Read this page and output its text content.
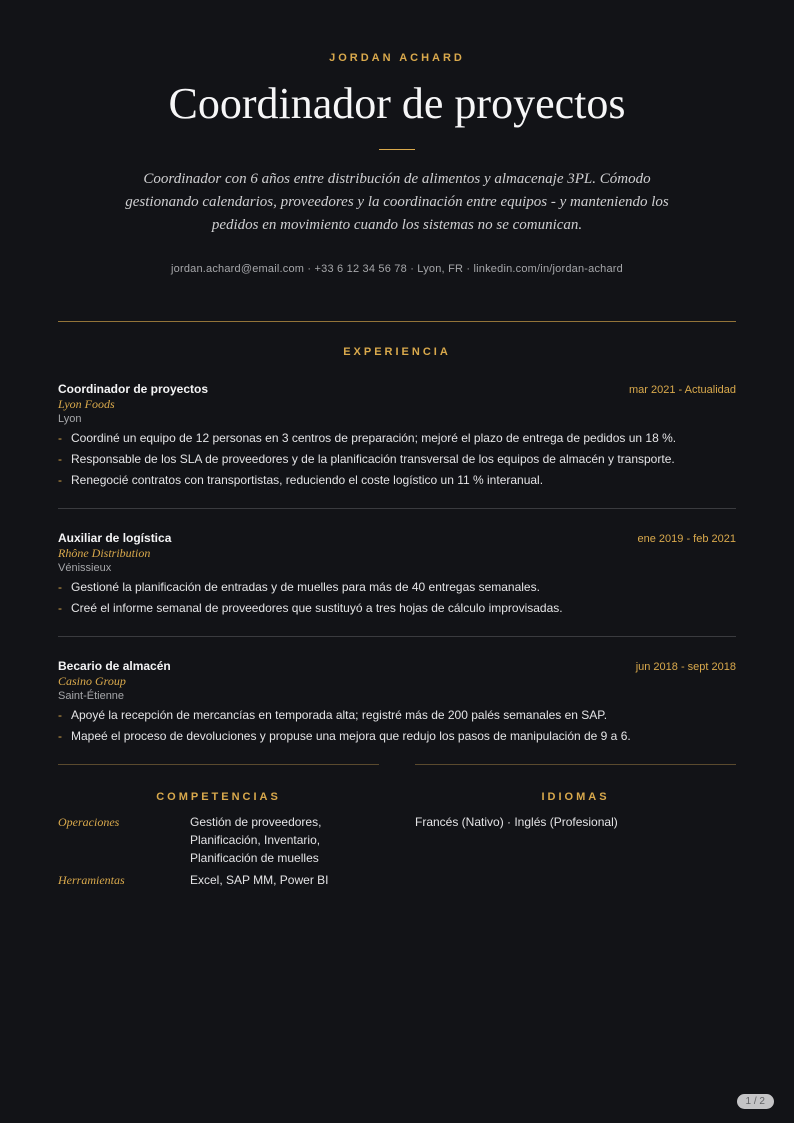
JORDAN ACHARD
Coordinador de proyectos
Coordinador con 6 años entre distribución de alimentos y almacenaje 3PL. Cómodo gestionando calendarios, proveedores y la coordinación entre equipos - y manteniendo los pedidos en movimiento cuando los sistemas no se comunican.
jordan.achard@email.com · +33 6 12 34 56 78 · Lyon, FR · linkedin.com/in/jordan-achard
EXPERIENCIA
Coordinador de proyectos	mar 2021 - Actualidad
Lyon Foods
Lyon
- Coordiné un equipo de 12 personas en 3 centros de preparación; mejoré el plazo de entrega de pedidos un 18 %.
- Responsable de los SLA de proveedores y de la planificación transversal de los equipos de almacén y transporte.
- Renegocié contratos con transportistas, reduciendo el coste logístico un 11 % interanual.
Auxiliar de logística	ene 2019 - feb 2021
Rhône Distribution
Vénissieux
- Gestioné la planificación de entradas y de muelles para más de 40 entregas semanales.
- Creé el informe semanal de proveedores que sustituyó a tres hojas de cálculo improvisadas.
Becario de almacén	jun 2018 - sept 2018
Casino Group
Saint-Étienne
- Apoyé la recepción de mercancías en temporada alta; registré más de 200 palés semanales en SAP.
- Mapeé el proceso de devoluciones y propuse una mejora que redujo los pasos de manipulación de 9 a 6.
COMPETENCIAS
Operaciones	Gestión de proveedores, Planificación, Inventario, Planificación de muelles
Herramientas	Excel, SAP MM, Power BI
IDIOMAS
Francés (Nativo) · Inglés (Profesional)
1 / 2
